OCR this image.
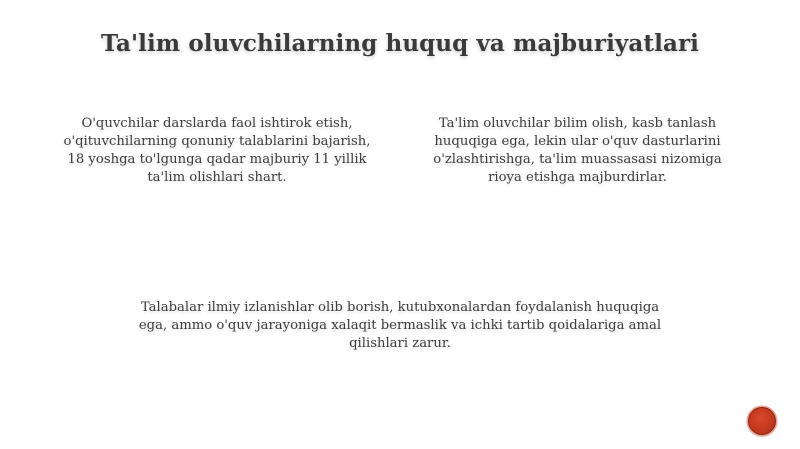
Ta'lim oluvchilarning huquq va majburiyatlari
O'quvchilar darslarda faol ishtirok etish, o'qituvchilarning qonuniy talablarini bajarish, 18 yoshga to'lgunga qadar majburiy 11 yillik ta'lim olishlari shart.
Ta'lim oluvchilar bilim olish, kasb tanlash huquqiga ega, lekin ular o'quv dasturlarini o'zlashtirishga, ta'lim muassasasi nizomiga rioya etishga majburdirlar.
Talabalar ilmiy izlanishlar olib borish, kutubxonalardan foydalanish huquqiga ega, ammo o'quv jarayoniga xalaqit bermaslik va ichki tartib qoidalariga amal qilishlari zarur.
